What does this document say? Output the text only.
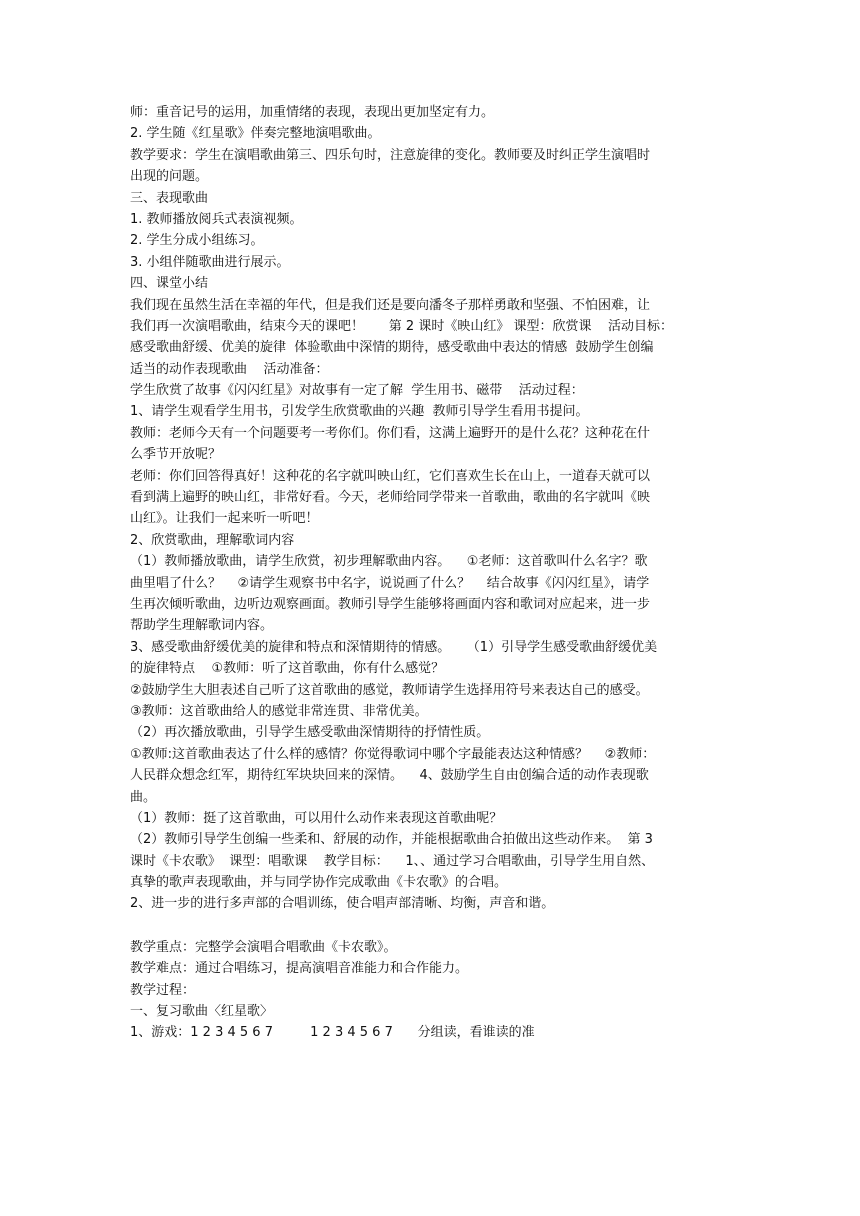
师：重音记号的运用，加重情绪的表现，表现出更加坚定有力。

2. 学生随《红星歌》伴奏完整地演唱歌曲。

教学要求：学生在演唱歌曲第三、四乐句时，注意旋律的变化。教师要及时纠正学生演唱时

出现的问题。

三、表现歌曲

1. 教师播放阅兵式表演视频。

2. 学生分成小组练习。

3. 小组伴随歌曲进行展示。

四、课堂小结

我们现在虽然生活在幸福的年代，但是我们还是要向潘冬子那样勇敢和坚强、不怕困难，让

我们再一次演唱歌曲，结束今天的课吧！      第 2 课时《映山红》 课型：欣赏课    活动目标：

感受歌曲舒缓、优美的旋律  体验歌曲中深情的期待，感受歌曲中表达的情感  鼓励学生创编

适当的动作表现歌曲    活动准备：

学生欣赏了故事《闪闪红星》对故事有一定了解  学生用书、磁带    活动过程：

1、请学生观看学生用书，引发学生欣赏歌曲的兴趣  教师引导学生看用书提问。

教师：老师今天有一个问题要考一考你们。你们看，这满上遍野开的是什么花？这种花在什

么季节开放呢？

老师：你们回答得真好！这种花的名字就叫映山红，它们喜欢生长在山上，一道春天就可以

看到满上遍野的映山红，非常好看。今天，老师给同学带来一首歌曲，歌曲的名字就叫《映

山红》。让我们一起来听一听吧！

2、欣赏歌曲，理解歌词内容

（1）教师播放歌曲，请学生欣赏，初步理解歌曲内容。    ①老师：这首歌叫什么名字？歌

曲里唱了什么？    ②请学生观察书中名字，说说画了什么？    结合故事《闪闪红星》，请学

生再次倾听歌曲，边听边观察画面。教师引导学生能够将画面内容和歌词对应起来，进一步

帮助学生理解歌词内容。

3、感受歌曲舒缓优美的旋律和特点和深情期待的情感。    （1）引导学生感受歌曲舒缓优美

的旋律特点    ①教师：听了这首歌曲，你有什么感觉？

②鼓励学生大胆表述自己听了这首歌曲的感觉，教师请学生选择用符号来表达自己的感受。

③教师：这首歌曲给人的感觉非常连贯、非常优美。

（2）再次播放歌曲，引导学生感受歌曲深情期待的抒情性质。

①教师:这首歌曲表达了什么样的感情？你觉得歌词中哪个字最能表达这种情感？    ②教师：

人民群众想念红军，期待红军块块回来的深情。    4、鼓励学生自由创编合适的动作表现歌

曲。

（1）教师：挺了这首歌曲，可以用什么动作来表现这首歌曲呢？

（2）教师引导学生创编一些柔和、舒展的动作，并能根据歌曲合拍做出这些动作来。  第 3

课时《卡农歌》  课型：唱歌课    教学目标：    1、、通过学习合唱歌曲，引导学生用自然、

真挚的歌声表现歌曲，并与同学协作完成歌曲《卡农歌》的合唱。

2、进一步的进行多声部的合唱训练，使合唱声部清晰、均衡，声音和谐。

教学重点：完整学会演唱合唱歌曲《卡农歌》。

教学难点：通过合唱练习，提高演唱音准能力和合作能力。

教学过程：

一、复习歌曲〈红星歌〉

1、游戏：1 2 3 4 5 6 7         1 2 3 4 5 6 7      分组读，看谁读的准
